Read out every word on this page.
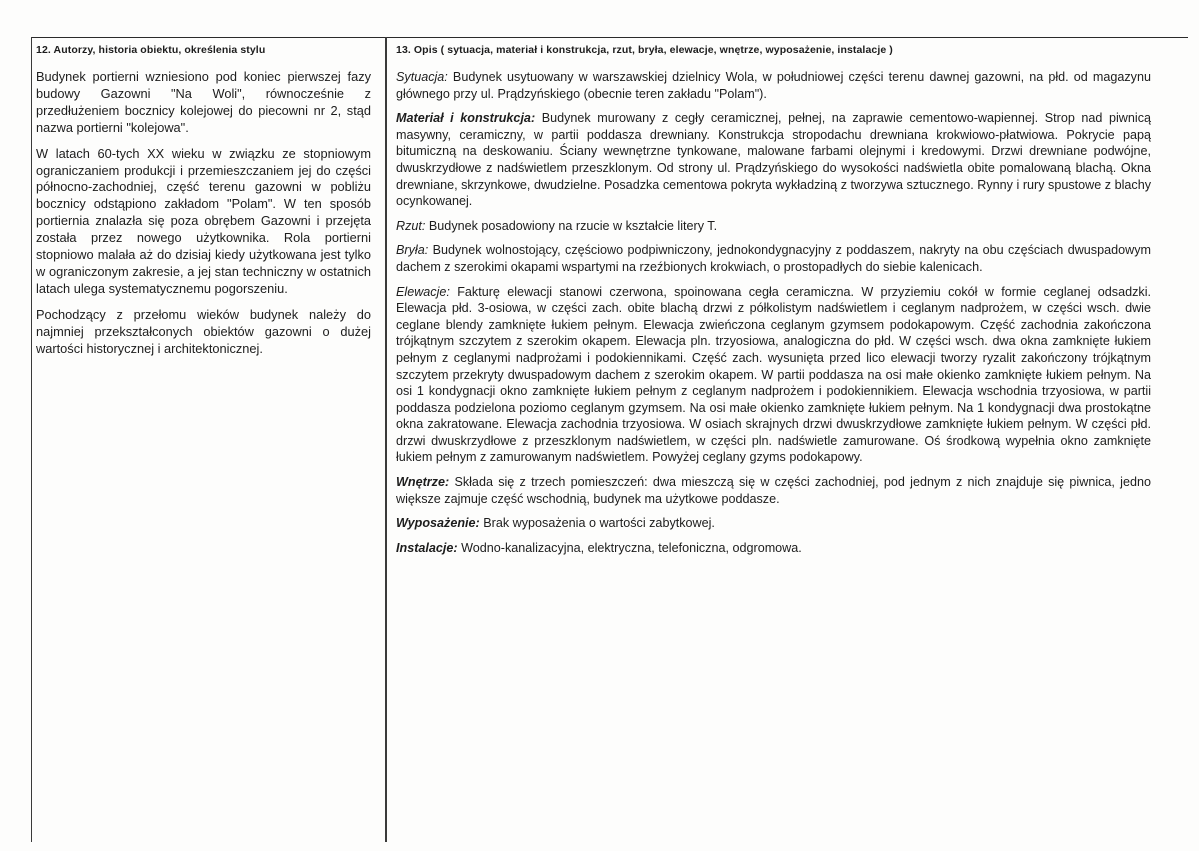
12. Autorzy, historia obiektu, określenia stylu

Budynek portierni wzniesiono pod koniec pierwszej fazy budowy Gazowni "Na Woli", równocześnie z przedłużeniem bocznicy kolejowej do piecowni nr 2, stąd nazwa portierni "kolejowa".

W latach 60-tych XX wieku w związku ze stopniowym ograniczaniem produkcji i przemieszczaniem jej do części północno-zachodniej, część terenu gazowni w pobliżu bocznicy odstąpiono zakładom "Polam". W ten sposób portiernia znalazła się poza obrębem Gazowni i przejęta została przez nowego użytkownika. Rola portierni stopniowo malała aż do dzisiaj kiedy użytkowana jest tylko w ograniczonym zakresie, a jej stan techniczny w ostatnich latach ulega systematycznemu pogorszeniu.

Pochodzący z przełomu wieków budynek należy do najmniej przekształconych obiektów gazowni o dużej wartości historycznej i architektonicznej.

13. Opis ( sytuacja, materiał i konstrukcja, rzut, bryła, elewacje, wnętrze, wyposażenie, instalacje )

Sytuacja: Budynek usytuowany w warszawskiej dzielnicy Wola, w południowej części terenu dawnej gazowni, na płd. od magazynu głównego przy ul. Prądzyńskiego (obecnie teren zakładu "Polam").

Materiał i konstrukcja: Budynek murowany z cegły ceramicznej, pełnej, na zaprawie cementowo-wapiennej. Strop nad piwnicą masywny, ceramiczny, w partii poddasza drewniany. Konstrukcja stropodachu drewniana krokwiowo-płatwiowa. Pokrycie papą bitumiczną na deskowaniu. Ściany wewnętrzne tynkowane, malowane farbami olejnymi i kredowymi. Drzwi drewniane podwójne, dwuskrzydłowe z nadświetlem przeszklonym. Od strony ul. Prądzyńskiego do wysokości nadświetla obite pomalowaną blachą. Okna drewniane, skrzynkowe, dwudzielne. Posadzka cementowa pokryta wykładziną z tworzywa sztucznego. Rynny i rury spustowe z blachy ocynkowanej.

Rzut: Budynek posadowiony na rzucie w kształcie litery T.

Bryła: Budynek wolnostojący, częściowo podpiwniczony, jednokondygnacyjny z poddaszem, nakryty na obu częściach dwuspadowym dachem z szerokimi okapami wspartymi na rzeźbionych krokwiach, o prostopadłych do siebie kalenicach.

Elewacje: Fakturę elewacji stanowi czerwona, spoinowana cegła ceramiczna. W przyziemiu cokół w formie ceglanej odsadzki. Elewacja płd. 3-osiowa, w części zach. obite blachą drzwi z półkolistym nadświetlem i ceglanym nadprożem, w części wsch. dwie ceglane blendy zamknięte łukiem pełnym. Elewacja zwieńczona ceglanym gzymsem podokapowym. Część zachodnia zakończona trójkątnym szczytem z szerokim okapem. Elewacja pln. trzyosiowa, analogiczna do płd. W części wsch. dwa okna zamknięte łukiem pełnym z ceglanymi nadprożami i podokiennikami. Część zach. wysunięta przed lico elewacji tworzy ryzalit zakończony trójkątnym szczytem przekryty dwuspadowym dachem z szerokim okapem. W partii poddasza na osi małe okienko zamknięte łukiem pełnym. Na osi 1 kondygnacji okno zamknięte łukiem pełnym z ceglanym nadprożem i podokiennikiem. Elewacja wschodnia trzyosiowa, w partii poddasza podzielona poziomo ceglanym gzymsem. Na osi małe okienko zamknięte łukiem pełnym. Na 1 kondygnacji dwa prostokątne okna zakratowane. Elewacja zachodnia trzyosiowa. W osiach skrajnych drzwi dwuskrzydłowe zamknięte łukiem pełnym. W części płd. drzwi dwuskrzydłowe z przeszklonym nadświetlem, w części pln. nadświetle zamurowane. Oś środkową wypełnia okno zamknięte łukiem pełnym z zamurowanym nadświetlem. Powyżej ceglany gzyms podokapowy.

Wnętrze: Składa się z trzech pomieszczeń: dwa mieszczą się w części zachodniej, pod jednym z nich znajduje się piwnica, jedno większe zajmuje część wschodnią, budynek ma użytkowe poddasze.

Wyposażenie: Brak wyposażenia o wartości zabytkowej.

Instalacje: Wodno-kanalizacyjna, elektryczna, telefoniczna, odgromowa.
